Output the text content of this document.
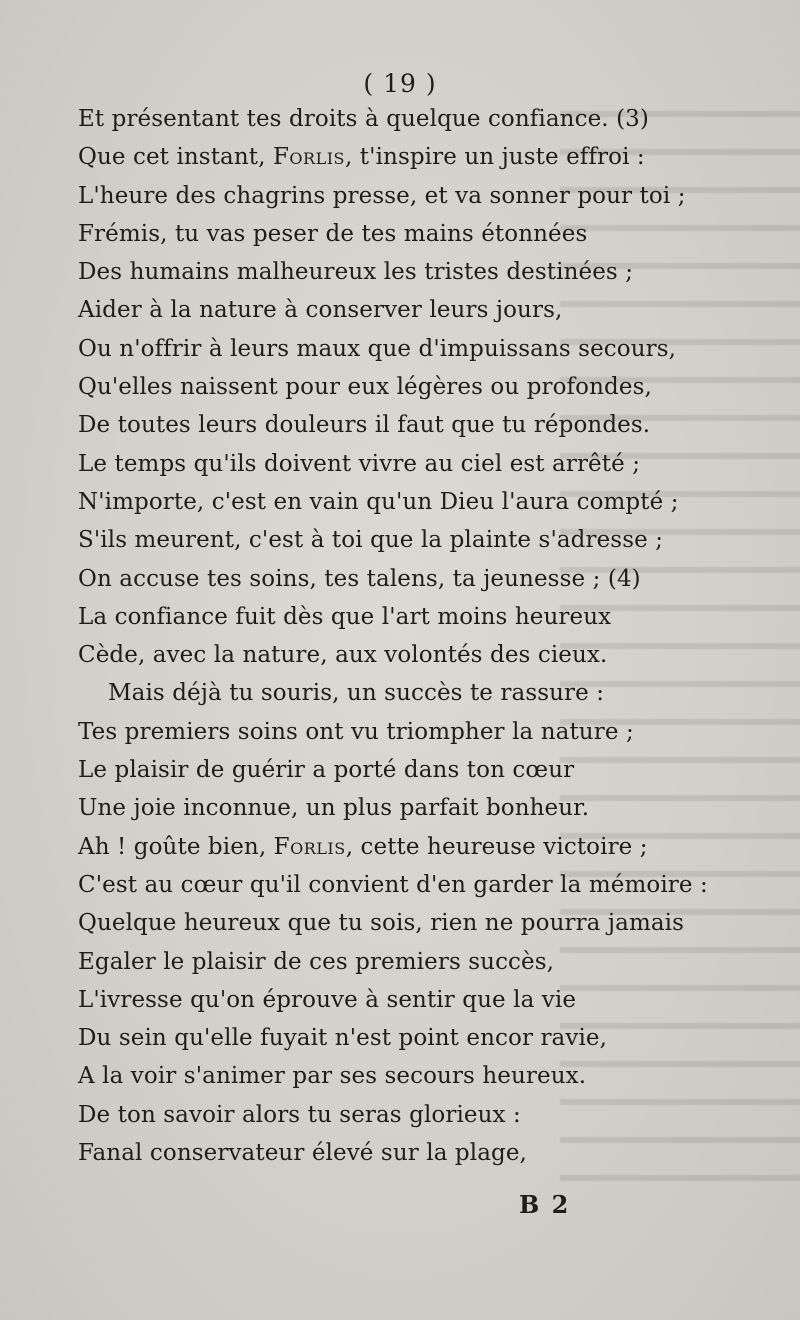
( 19 )
Et présentant tes droits à quelque confiance. (3)
Que cet instant, Forlis, t'inspire un juste effroi :
L'heure des chagrins presse, et va sonner pour toi ;
Frémis, tu vas peser de tes mains étonnées
Des humains malheureux les tristes destinées ;
Aider à la nature à conserver leurs jours,
Ou n'offrir à leurs maux que d'impuissans secours,
Qu'elles naissent pour eux légères ou profondes,
De toutes leurs douleurs il faut que tu répondes.
Le temps qu'ils doivent vivre au ciel est arrêté ;
N'importe, c'est en vain qu'un Dieu l'aura compté ;
S'ils meurent, c'est à toi que la plainte s'adresse ;
On accuse tes soins, tes talens, ta jeunesse ; (4)
La confiance fuit dès que l'art moins heureux
Cède, avec la nature, aux volontés des cieux.
Mais déjà tu souris, un succès te rassure :
Tes premiers soins ont vu triompher la nature ;
Le plaisir de guérir a porté dans ton cœur
Une joie inconnue, un plus parfait bonheur.
Ah ! goûte bien, Forlis, cette heureuse victoire ;
C'est au cœur qu'il convient d'en garder la mémoire :
Quelque heureux que tu sois, rien ne pourra jamais
Egaler le plaisir de ces premiers succès,
L'ivresse qu'on éprouve à sentir que la vie
Du sein qu'elle fuyait n'est point encor ravie,
A la voir s'animer par ses secours heureux.
De ton savoir alors tu seras glorieux :
Fanal conservateur élevé sur la plage,
B 2
